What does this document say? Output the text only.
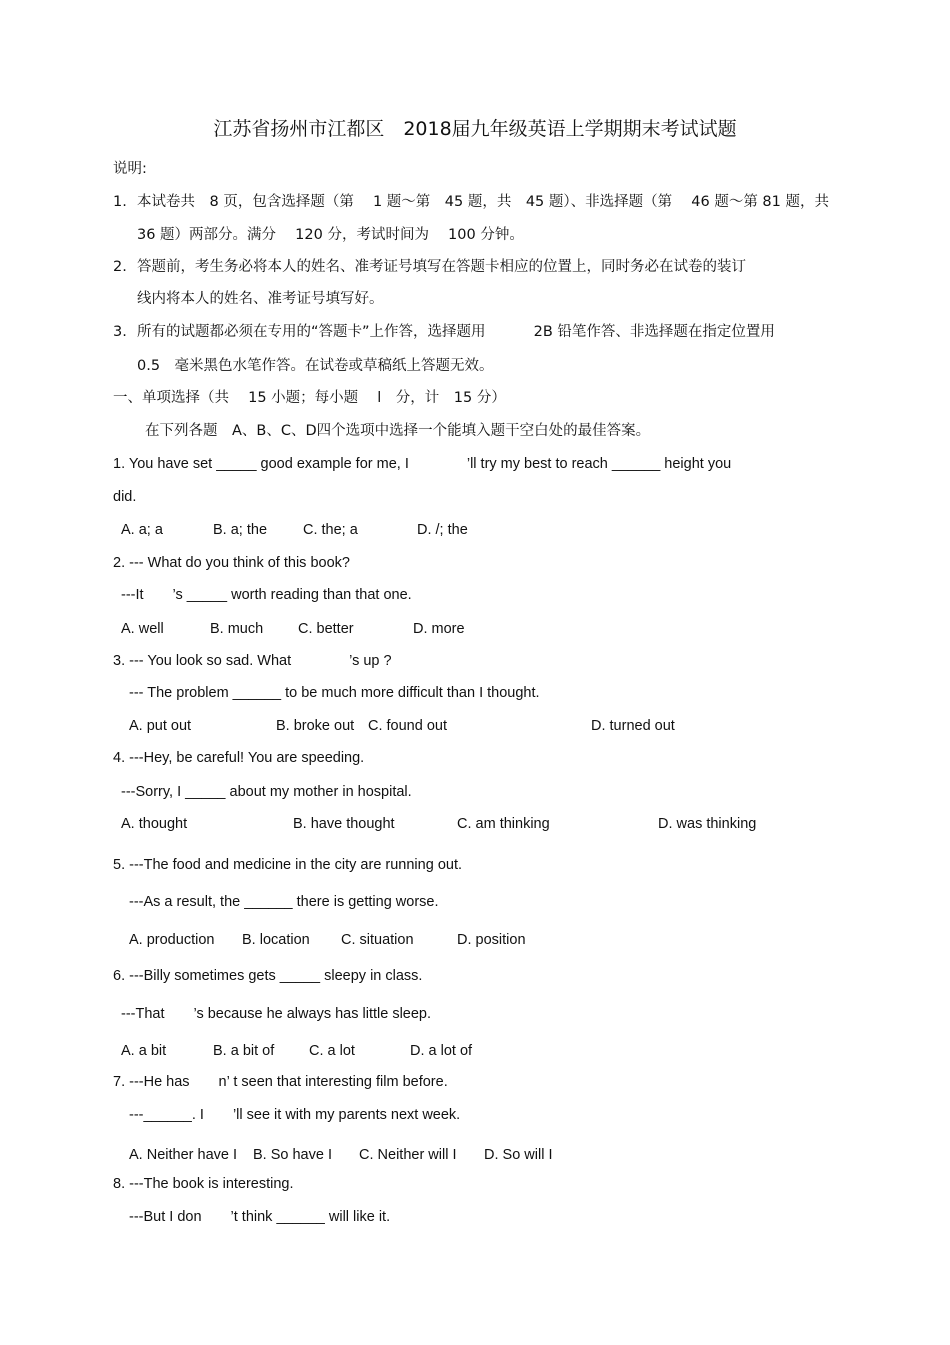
江苏省扬州市江都区　2018届九年级英语上学期期末考试试题
说明:
1. 本试卷共　8 页，包含选择题（第　 1 题～第　45 题，共　45 题）、非选择题（第　 46 题～第 81 题，共
36 题）两部分。满分　 120 分，考试时间为　 100 分钟。
2. 答题前，考生务必将本人的姓名、准考证号填写在答题卡相应的位置上，同时务必在试卷的装订
线内将本人的姓名、准考证号填写好。
3. 所有的试题都必须在专用的“答题卡”上作答，选择题用　　　 2B 铅笔作答、非选择题在指定位置用
0.5　毫米黑色水笔作答。在试卷或草稿纸上答题无效。
一、单项选择（共　 15 小题；每小题　 l　分，计　15 分）
在下列各题　A、B、C、D四个选项中选择一个能填入题干空白处的最佳答案。
1. You have set _____ good example for me, I　　　　’ll try my best to reach ______ height you
did.
A. a; a	B. a; the C. the; a	D. /; the
2. --- What do you think of this book?
---It　　’s _____ worth reading than that one.
A. well	B. much C. better	D. more
3. --- You look so sad. What　　　　’s up ?
--- The problem ______ to be much more difficult than I thought.
A. put out	B. broke out C. found out	D. turned out
4. ---Hey, be careful! You are speeding.
---Sorry, I _____ about my mother in hospital.
A. thought	B. have thought	C. am thinking	D. was thinking
5. ---The food and medicine in the city are running out.
---As a result, the ______ there is getting worse.
A. production B. location C. situation	D. position
6. ---Billy sometimes gets _____ sleepy in class.
---That　　’s because he always has little sleep.
A. a bit	B. a bit of C. a lot	D. a lot of
7. ---He has　　n’ t seen that interesting film before.
---______. I　　’ll see it with my parents next week.
A. Neither have I B. So have I C. Neither will I D. So will I
8. ---The book is interesting.
---But I don　　’t think ______ will like it.
